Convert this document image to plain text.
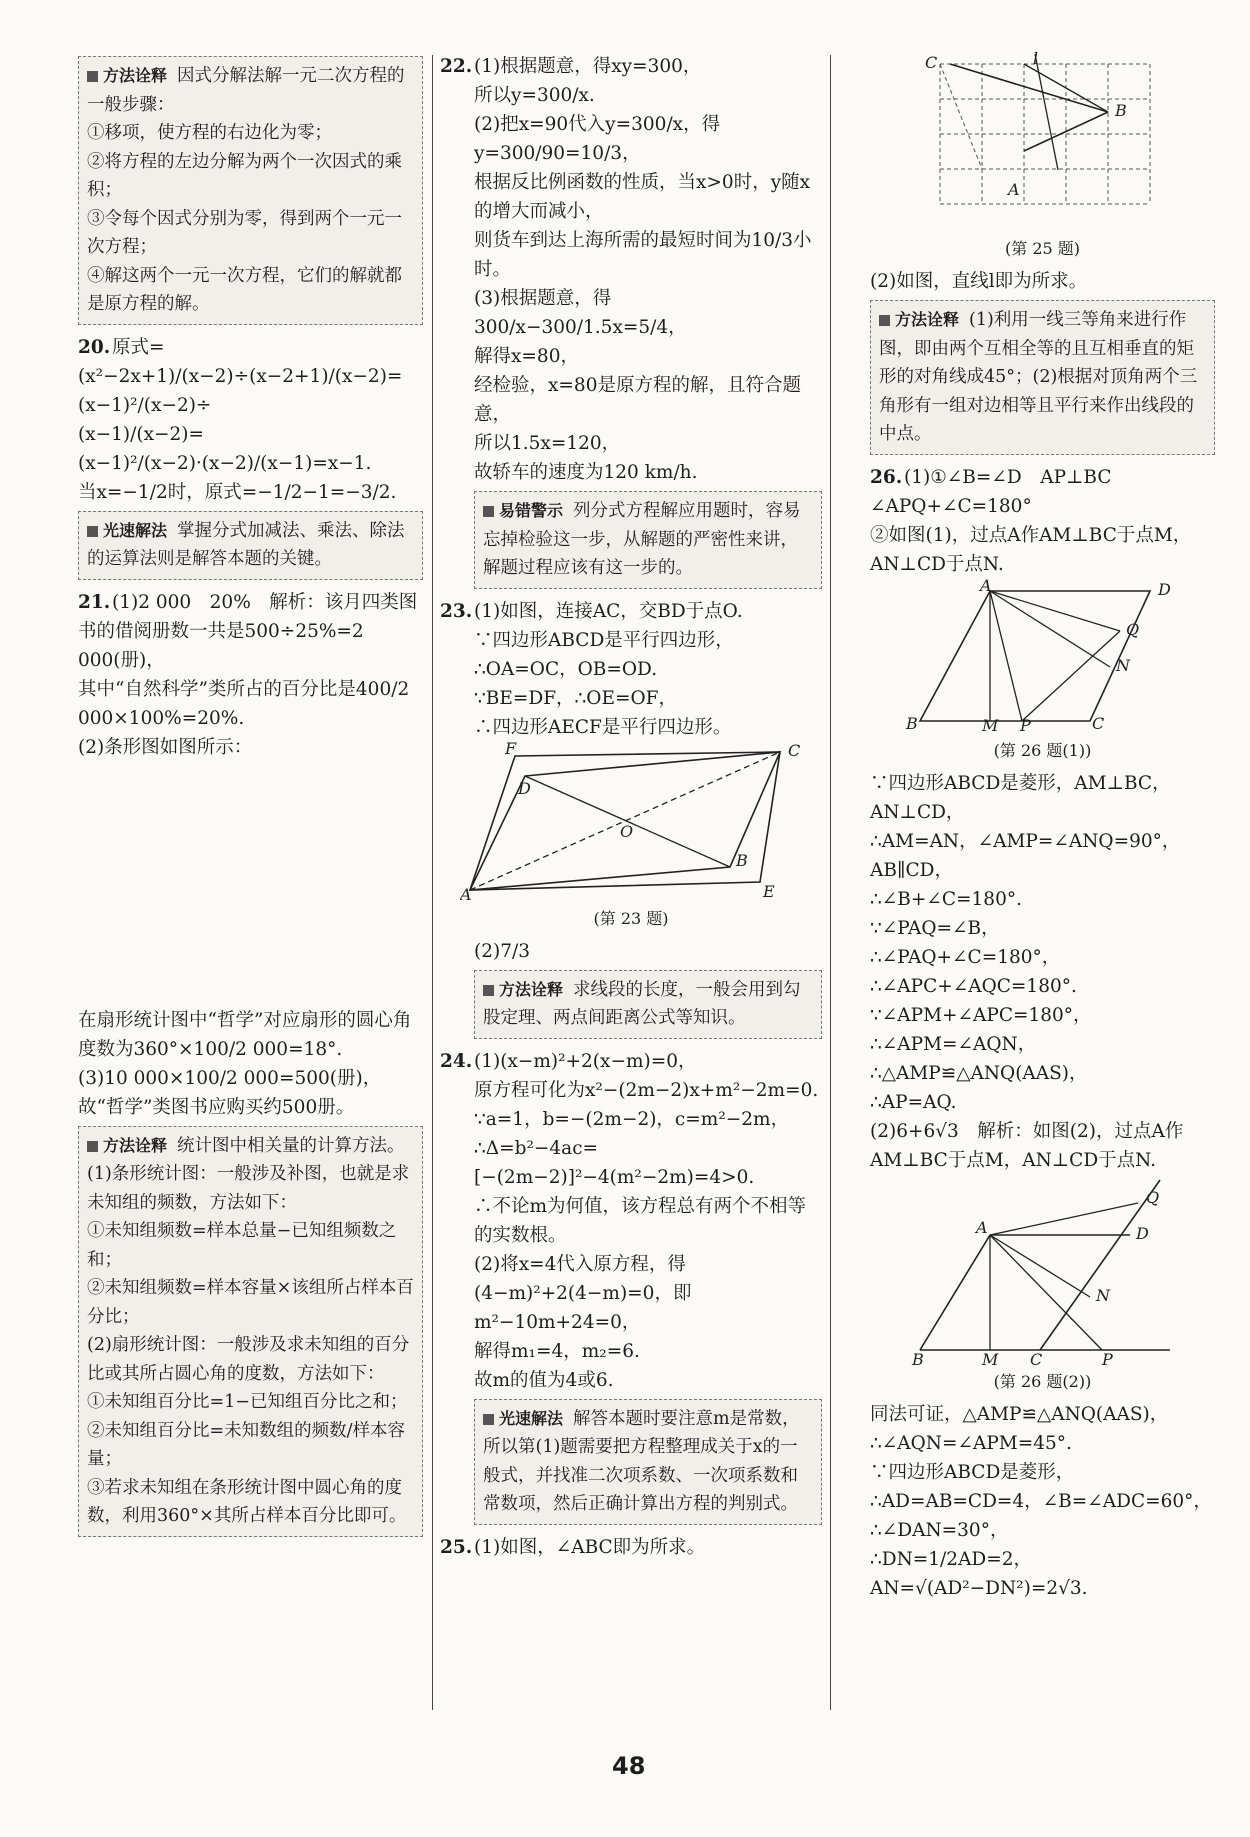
方法诠释 因式分解法解一元二次方程的一般步骤：

①移项，使方程的右边化为零；

②将方程的左边分解为两个一次因式的乘积；

③令每个因式分别为零，得到两个一元一次方程；

④解这两个一元一次方程，它们的解就都是原方程的解。

20.原式=(x²−2x+1)/(x−2)÷(x−2+1)/(x−2)=(x−1)²/(x−2)÷

(x−1)/(x−2)=(x−1)²/(x−2)·(x−2)/(x−1)=x−1.

当x=−1/2时，原式=−1/2−1=−3/2.

光速解法 掌握分式加减法、乘法、除法的运算法则是解答本题的关键。

21.(1)2 000　20%　解析：该月四类图书的借阅册数一共是500÷25%=2 000(册)，

其中“自然科学”类所占的百分比是400/2 000×100%=20%.

(2)条形图如图所示：

在扇形统计图中“哲学”对应扇形的圆心角度数为360°×100/2 000=18°.

(3)10 000×100/2 000=500(册)，

故“哲学”类图书应购买约500册。

方法诠释 统计图中相关量的计算方法。

(1)条形统计图：一般涉及补图，也就是求未知组的频数，方法如下：

①未知组频数=样本总量−已知组频数之和；

②未知组频数=样本容量×该组所占样本百分比；

(2)扇形统计图：一般涉及求未知组的百分比或其所占圆心角的度数，方法如下：

①未知组百分比=1−已知组百分比之和；

②未知组百分比=未知数组的频数/样本容量；

③若求未知组在条形统计图中圆心角的度数，利用360°×其所占样本百分比即可。

22.(1)根据题意，得xy=300，

所以y=300/x.

(2)把x=90代入y=300/x，得y=300/90=10/3，

根据反比例函数的性质，当x>0时，y随x的增大而减小，

则货车到达上海所需的最短时间为10/3小时。

(3)根据题意，得300/x−300/1.5x=5/4，

解得x=80，

经检验，x=80是原方程的解，且符合题意，

所以1.5x=120，

故轿车的速度为120 km/h.

易错警示 列分式方程解应用题时，容易忘掉检验这一步，从解题的严密性来讲，解题过程应该有这一步的。

23.(1)如图，连接AC，交BD于点O.

∵四边形ABCD是平行四边形，

∴OA=OC，OB=OD.

∵BE=DF，∴OE=OF，

∴四边形AECF是平行四边形。

F	C
D
O
A	E
B
(第 23 题)

(2)7/3

方法诠释 求线段的长度，一般会用到勾股定理、两点间距离公式等知识。

24.(1)(x−m)²+2(x−m)=0，

原方程可化为x²−(2m−2)x+m²−2m=0.

∵a=1，b=−(2m−2)，c=m²−2m，

∴Δ=b²−4ac=[−(2m−2)]²−4(m²−2m)=4>0.

∴不论m为何值，该方程总有两个不相等的实数根。

(2)将x=4代入原方程，得(4−m)²+2(4−m)=0，即m²−10m+24=0，

解得m₁=4，m₂=6.

故m的值为4或6.

光速解法 解答本题时要注意m是常数，所以第(1)题需要把方程整理成关于x的一般式，并找准二次项系数、一次项系数和常数项，然后正确计算出方程的判别式。

25.(1)如图，∠ABC即为所求。

C	l
B
A
(第 25 题)

(2)如图，直线l即为所求。

方法诠释 (1)利用一线三等角来进行作图，即由两个互相全等的且互相垂直的矩形的对角线成45°；(2)根据对顶角两个三角形有一组对边相等且平行来作出线段的中点。

26.(1)①∠B=∠D　AP⊥BC　∠APQ+∠C=180°

②如图(1)，过点A作AM⊥BC于点M，AN⊥CD于点N.

A	D
Q
N
B	M P	C
(第 26 题(1))

∵四边形ABCD是菱形，AM⊥BC，AN⊥CD，

∴AM=AN，∠AMP=∠ANQ=90°，AB∥CD，

∴∠B+∠C=180°.

∵∠PAQ=∠B，

∴∠PAQ+∠C=180°，

∴∠APC+∠AQC=180°.

∵∠APM+∠APC=180°，

∴∠APM=∠AQN，

∴△AMP≌△ANQ(AAS)，

∴AP=AQ.

(2)6+6√3　解析：如图(2)，过点A作AM⊥BC于点M，AN⊥CD于点N.

A	D
Q
N
B	M C	P
(第 26 题(2))

同法可证，△AMP≌△ANQ(AAS)，

∴∠AQN=∠APM=45°.

∵四边形ABCD是菱形，

∴AD=AB=CD=4，∠B=∠ADC=60°，

∴∠DAN=30°，

∴DN=1/2AD=2，AN=√(AD²−DN²)=2√3.

48
